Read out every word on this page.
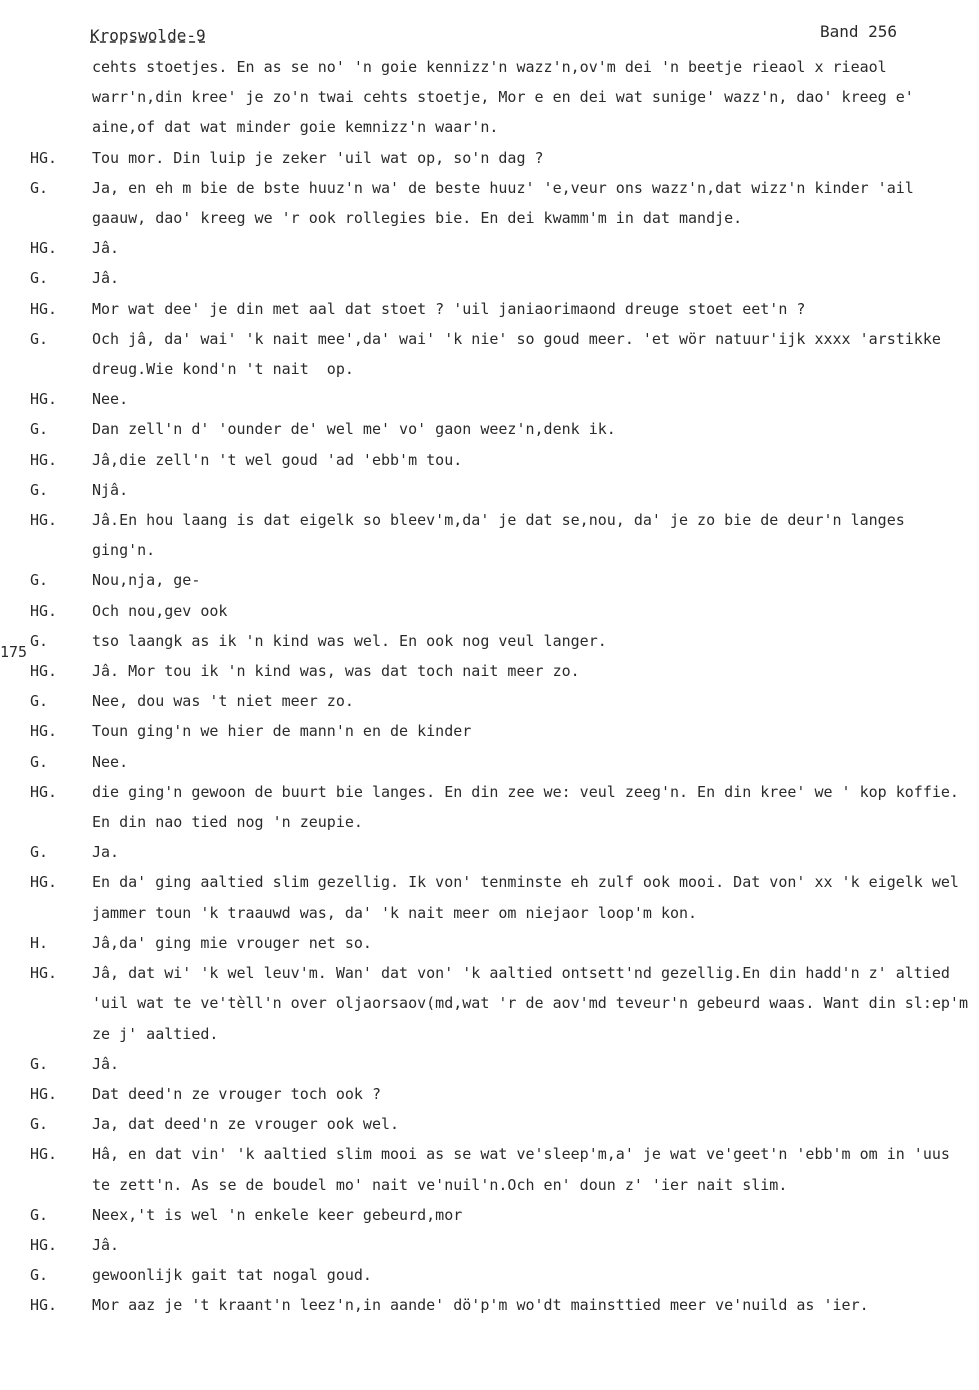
Kropswolde-9	Band 256
175
cehts stoetjes. En as se no' 'n goie kennizz'n wazz'n,ov'm dei 'n beetje rieaol x rieaol warr'n,din kree' je zo'n twai cehts stoetje, Mor e en dei wat sunige' wazz'n, dao' kreeg e' aine,of dat wat minder goie kemnizz'n waar'n.
HG.	Tou mor. Din luip je zeker 'uil wat op, so'n dag ?
G.	Ja, en eh m bie de bste huuz'n wa' de beste huuz' 'e,veur ons wazz'n,dat wizz'n kinder 'ail gaauw, dao' kreeg we 'r ook rollegies bie. En dei kwamm'm in dat mandje.
HG.	Jâ.
G.	Jâ.
HG.	Mor wat dee' je din met aal dat stoet ? 'uil janiaorimaond dreuge stoet eet'n ?
G.	Och jâ, da' wai' 'k nait mee',da' wai' 'k nie' so goud meer. 'et wör natuur'ijk xxxx 'arstikke dreug.Wie kond'n 't nait  op.
HG.	Nee.
G.	Dan zell'n d' 'ounder de' wel me' vo' gaon weez'n,denk ik.
HG.	Jâ,die zell'n 't wel goud 'ad 'ebb'm tou.
G.	Njâ.
HG.	Jâ.En hou laang is dat eigelk so bleev'm,da' je dat se,nou, da' je zo bie de deur'n langes ging'n.
G.	Nou,nja, ge-
HG.	Och nou,gev ook
G.	tso laangk as ik 'n kind was wel. En ook nog veul langer.
HG.	Jâ. Mor tou ik 'n kind was, was dat toch nait meer zo.
G.	Nee, dou was 't niet meer zo.
HG.	Toun ging'n we hier de mann'n en de kinder
G.	Nee.
HG.	die ging'n gewoon de buurt bie langes. En din zee we: veul zeeg'n. En din kree' we ' kop koffie. En din nao tied nog 'n zeupie.
G.	Ja.
HG.	En da' ging aaltied slim gezellig. Ik von' tenminste eh zulf ook mooi. Dat von' xx 'k eigelk wel jammer toun 'k traauwd was, da' 'k nait meer om niejaor loop'm kon.
H.	Jâ,da' ging mie vrouger net so.
HG.	Jâ, dat wi' 'k wel leuv'm. Wan' dat von' 'k aaltied ontsett'nd gezellig.En din hadd'n z' altied 'uil wat te ve'tèll'n over oljaorsaov(md,wat 'r de aov'md teveur'n gebeurd waas. Want din sl:ep'm ze j' aaltied.
G.	Jâ.
HG.	Dat deed'n ze vrouger toch ook ?
G.	Ja, dat deed'n ze vrouger ook wel.
HG.	Hâ, en dat vin' 'k aaltied slim mooi as se wat ve'sleep'm,a' je wat ve'geet'n 'ebb'm om in 'uus te zett'n. As se de boudel mo' nait ve'nuil'n.Och en' doun z' 'ier nait slim.
G.	Neex,'t is wel 'n enkele keer gebeurd,mor
HG.	Jâ.
G.	gewoonlijk gait tat nogal goud.
HG.	Mor aaz je 't kraant'n leez'n,in aande' dö'p'm wo'dt mainsttied meer ve'nuild as 'ier.
